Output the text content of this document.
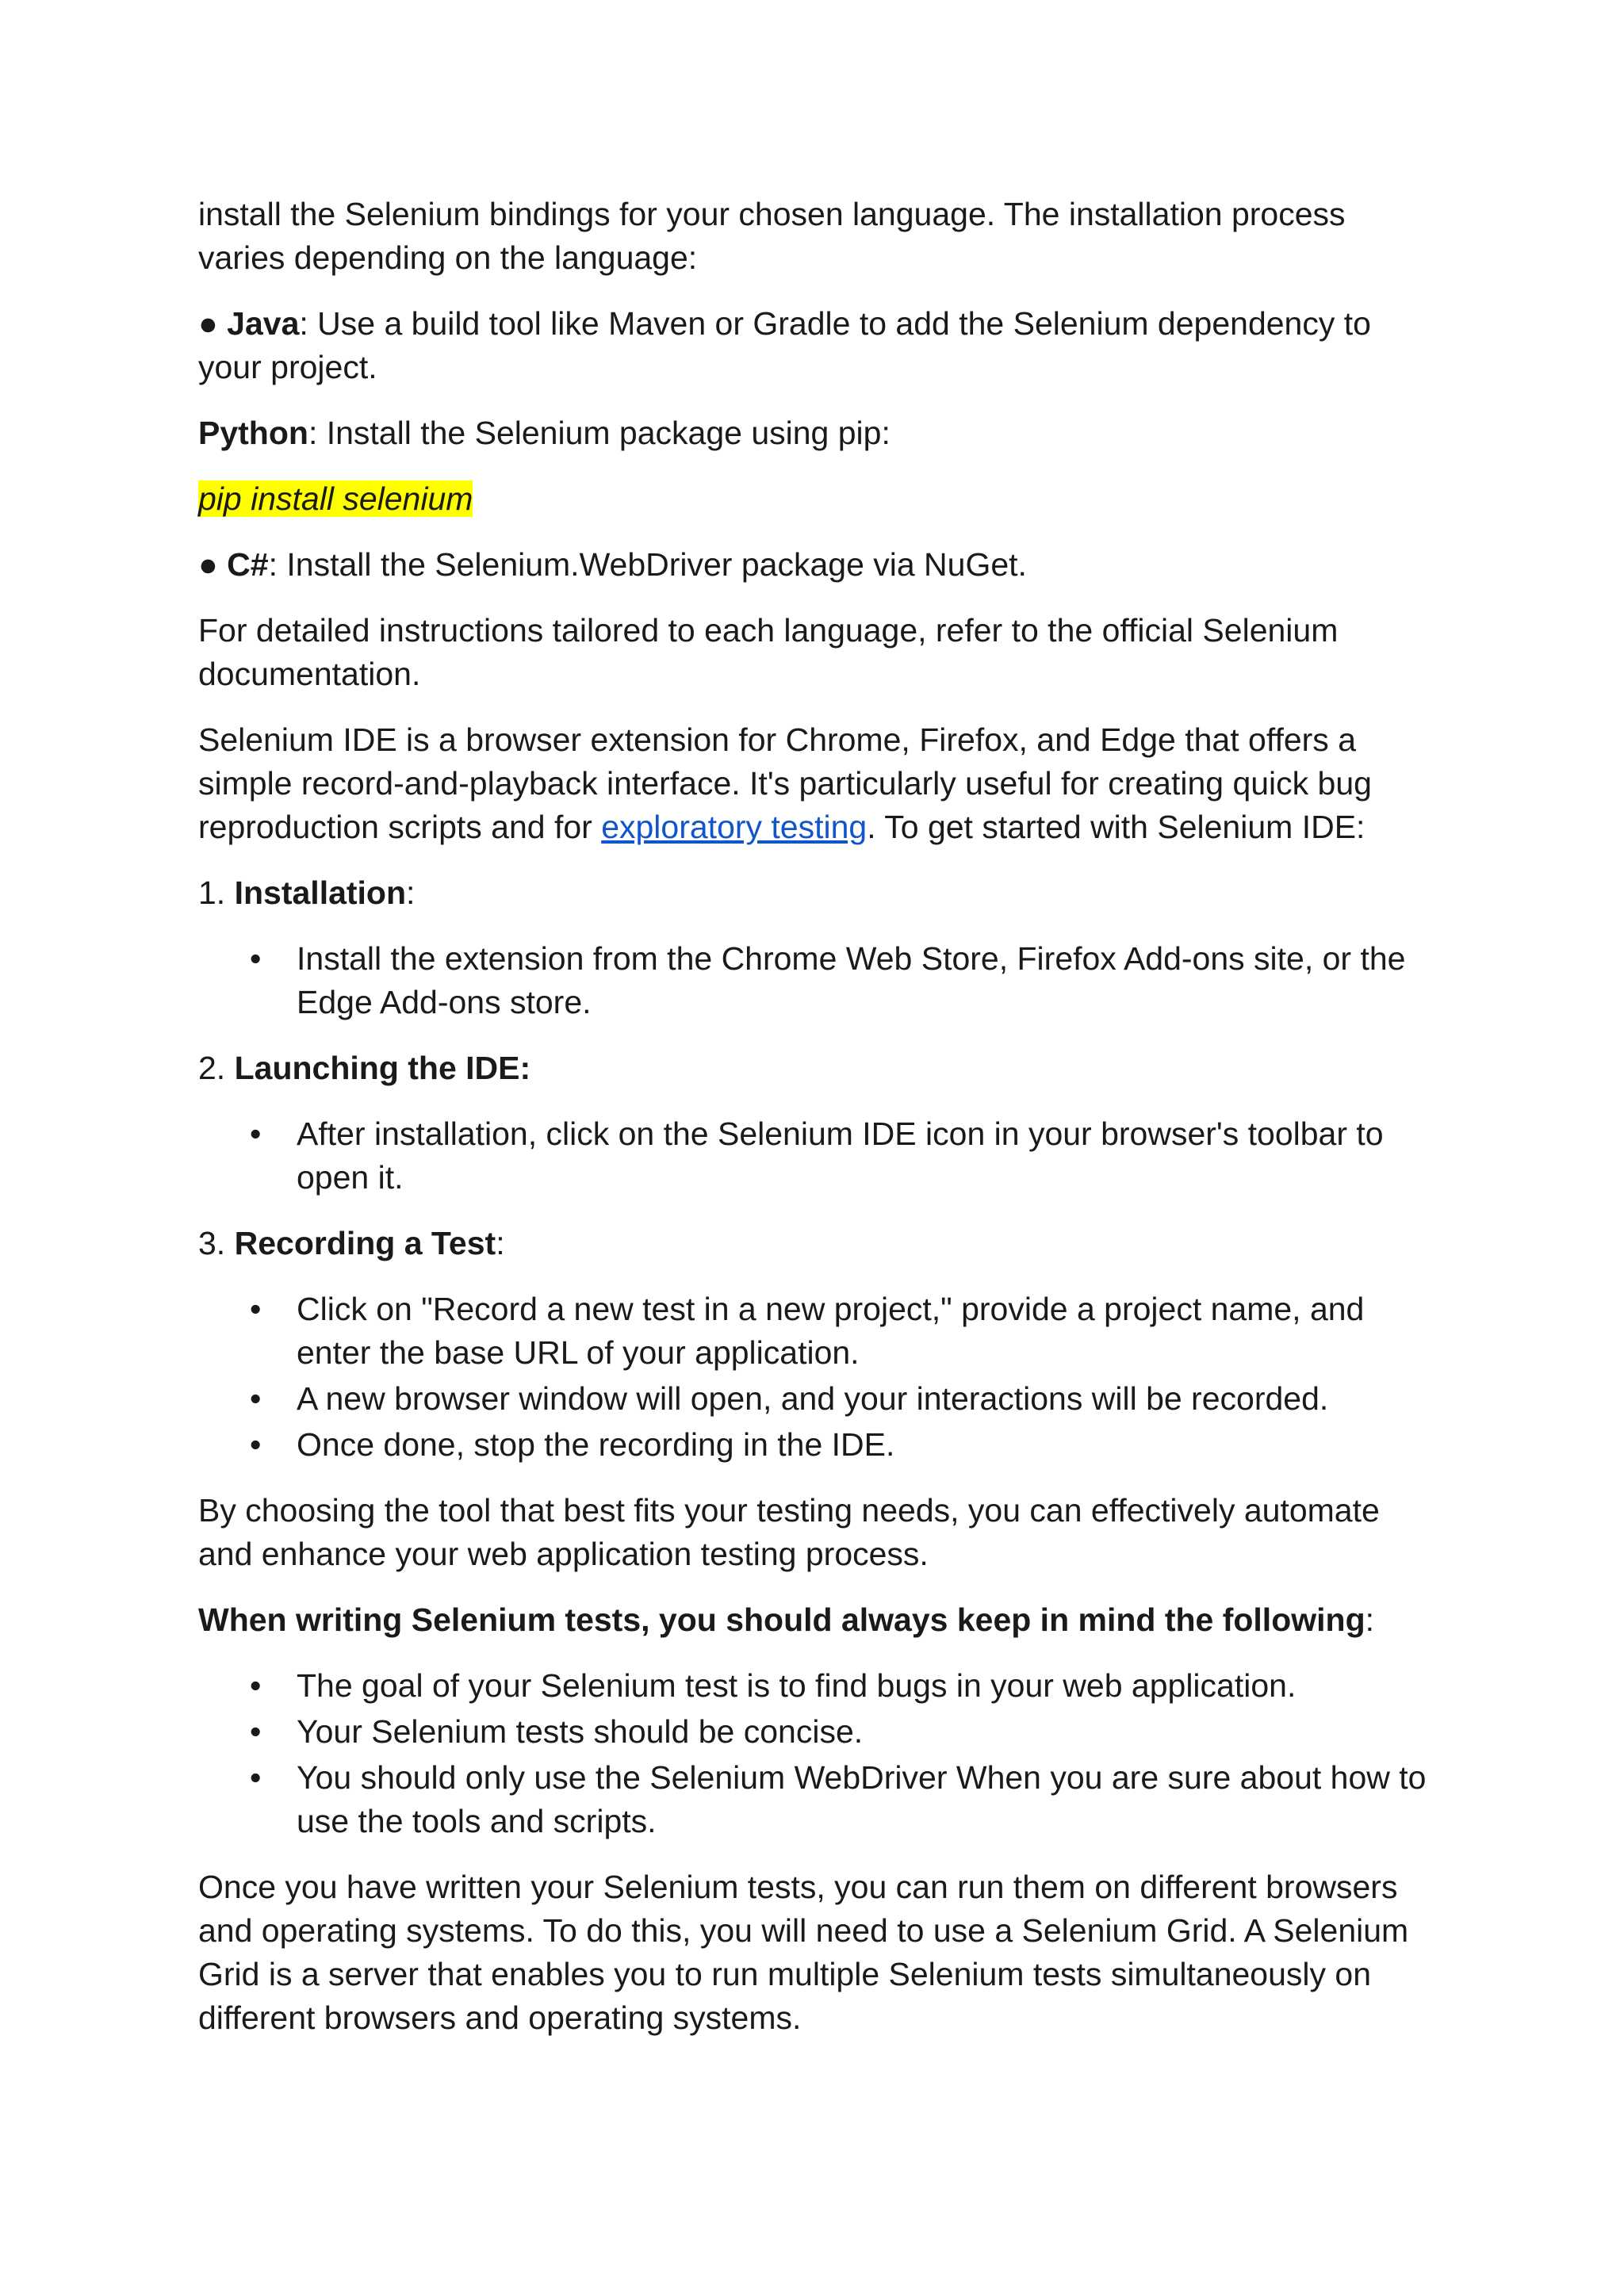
install the Selenium bindings for your chosen language. The installation process varies depending on the language:

● Java: Use a build tool like Maven or Gradle to add the Selenium dependency to your project.

Python: Install the Selenium package using pip:

pip install selenium

● C#: Install the Selenium.WebDriver package via NuGet.

For detailed instructions tailored to each language, refer to the official Selenium documentation.

Selenium IDE is a browser extension for Chrome, Firefox, and Edge that offers a simple record-and-playback interface. It's particularly useful for creating quick bug reproduction scripts and for exploratory testing. To get started with Selenium IDE:

1. Installation:

• Install the extension from the Chrome Web Store, Firefox Add-ons site, or the Edge Add-ons store.

2. Launching the IDE:

• After installation, click on the Selenium IDE icon in your browser's toolbar to open it.

3. Recording a Test:

• Click on "Record a new test in a new project," provide a project name, and enter the base URL of your application.
• A new browser window will open, and your interactions will be recorded.
• Once done, stop the recording in the IDE.

By choosing the tool that best fits your testing needs, you can effectively automate and enhance your web application testing process.

When writing Selenium tests, you should always keep in mind the following:

• The goal of your Selenium test is to find bugs in your web application.
• Your Selenium tests should be concise.
• You should only use the Selenium WebDriver When you are sure about how to use the tools and scripts.

Once you have written your Selenium tests, you can run them on different browsers and operating systems. To do this, you will need to use a Selenium Grid. A Selenium Grid is a server that enables you to run multiple Selenium tests simultaneously on different browsers and operating systems.
